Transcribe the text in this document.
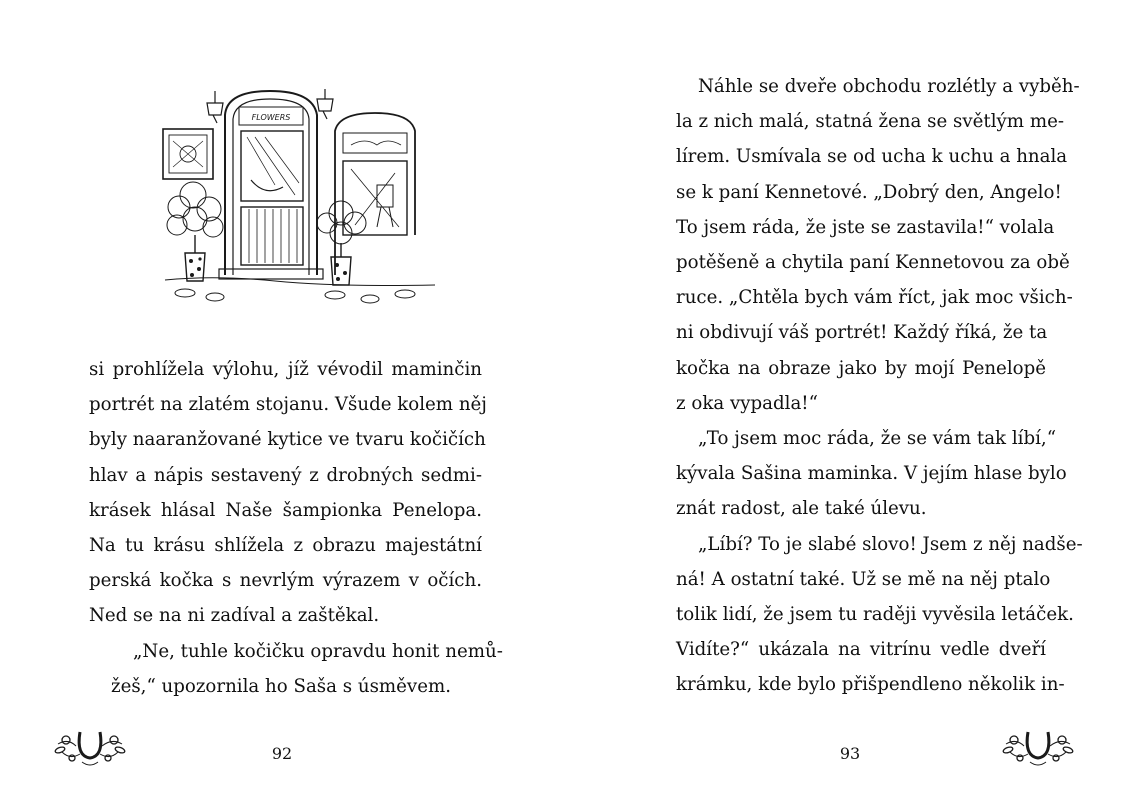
FLOWERS

si prohlížela výlohu, jíž vévodil maminčin
portrét na zlatém stojanu. Všude kolem něj
byly naaranžované kytice ve tvaru kočičích
hlav a nápis sestavený z drobných sedmi-
krásek hlásal Naše šampionka Penelopa.
Na tu krásu shlížela z obrazu majestátní
perská kočka s nevrlým výrazem v očích.
Ned se na ni zadíval a zaštěkal.

„Ne, tuhle kočičku opravdu honit nemů-
žeš,“ upozornila ho Saša s úsměvem.

92

Náhle se dveře obchodu rozlétly a vyběh-
la z nich malá, statná žena se světlým me-
lírem. Usmívala se od ucha k uchu a hnala
se k paní Kennetové. „Dobrý den, Angelo!
To jsem ráda, že jste se zastavila!“ volala
potěšeně a chytila paní Kennetovou za obě
ruce. „Chtěla bych vám říct, jak moc všich-
ni obdivují váš portrét! Každý říká, že ta
kočka na obraze jako by mojí Penelopě
z oka vypadla!“

„To jsem moc ráda, že se vám tak líbí,“
kývala Sašina maminka. V jejím hlase bylo
znát radost, ale také úlevu.

„Líbí? To je slabé slovo! Jsem z něj nadše-
ná! A ostatní také. Už se mě na něj ptalo
tolik lidí, že jsem tu raději vyvěsila letáček.
Vidíte?“ ukázala na vitrínu vedle dveří
krámku, kde bylo přišpendleno několik in-

93
